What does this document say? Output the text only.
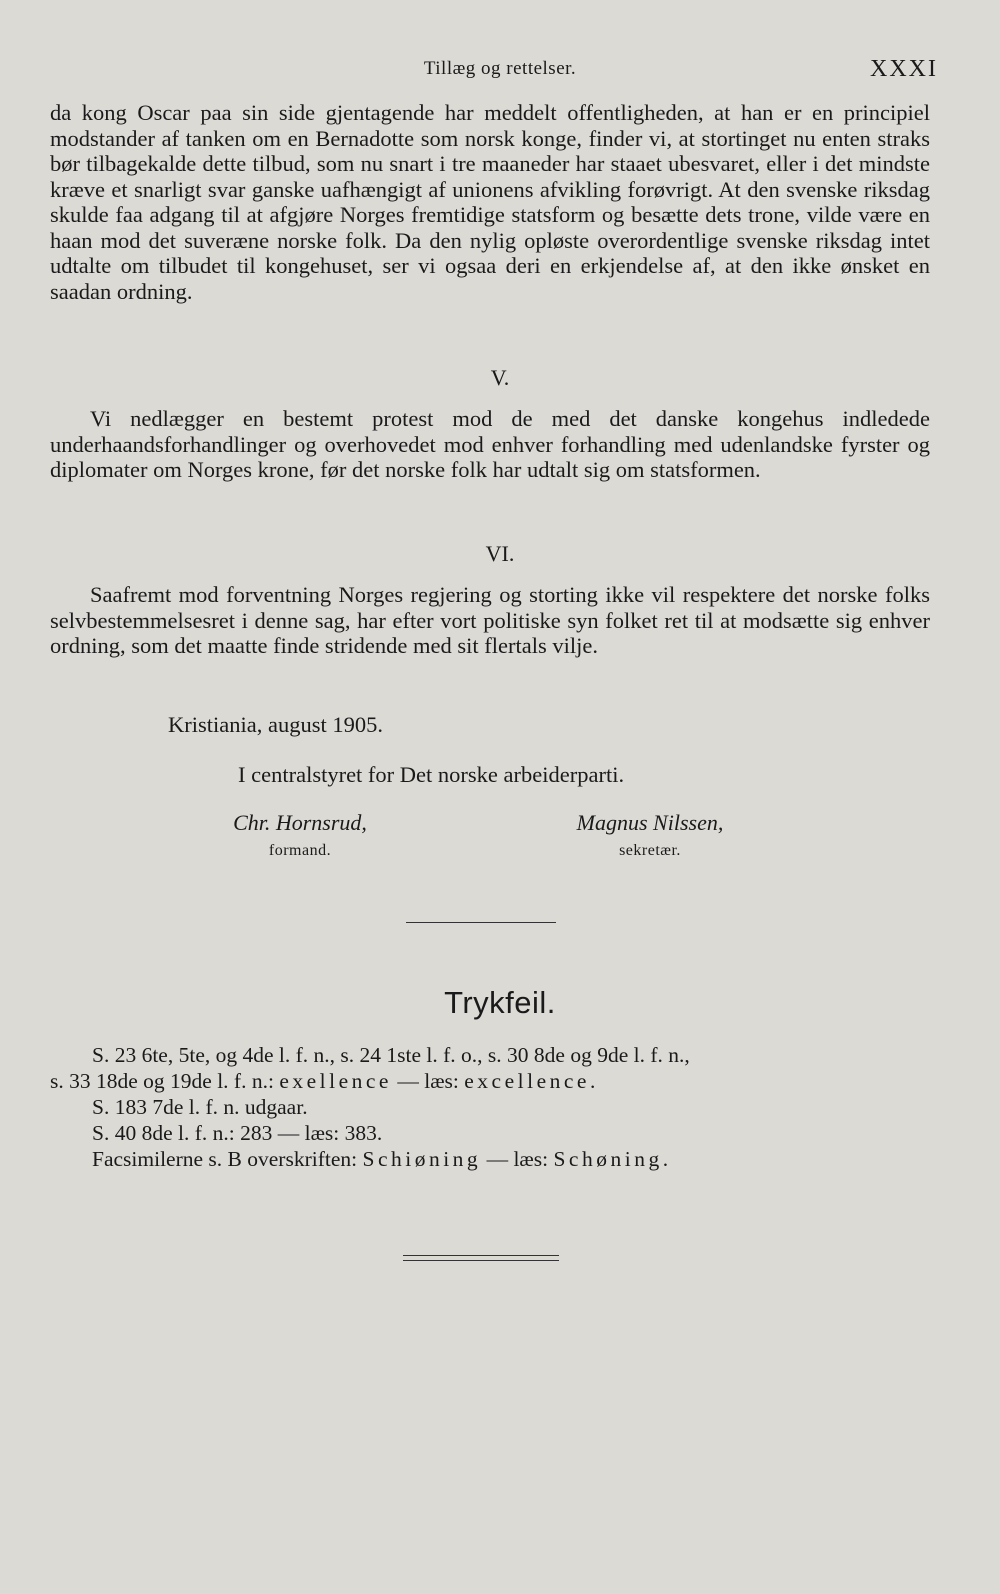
Tillæg og rettelser.	XXXI

da kong Oscar paa sin side gjentagende har meddelt offentligheden, at han er en principiel modstander af tanken om en Bernadotte som norsk konge, finder vi, at stortinget nu enten straks bør tilbagekalde dette tilbud, som nu snart i tre maaneder har staaet ubesvaret, eller i det mindste kræve et snarligt svar ganske uafhængigt af unionens afvikling forøvrigt. At den svenske riksdag skulde faa adgang til at afgjøre Norges fremtidige statsform og besætte dets trone, vilde være en haan mod det suveræne norske folk. Da den nylig opløste overordentlige svenske riksdag intet udtalte om tilbudet til kongehuset, ser vi ogsaa deri en erkjendelse af, at den ikke ønsket en saadan ordning.

V.

Vi nedlægger en bestemt protest mod de med det danske kongehus indledede underhaandsforhandlinger og overhovedet mod enhver forhandling med udenlandske fyrster og diplomater om Norges krone, før det norske folk har udtalt sig om statsformen.

VI.

Saafremt mod forventning Norges regjering og storting ikke vil respektere det norske folks selvbestemmelsesret i denne sag, har efter vort politiske syn folket ret til at modsætte sig enhver ordning, som det maatte finde stridende med sit flertals vilje.

Kristiania, august 1905.
I centralstyret for Det norske arbeiderparti.
Chr. Hornsrud,
formand.
Magnus Nilssen,
sekretær.
Trykfeil.
S. 23 6te, 5te, og 4de l. f. n., s. 24 1ste l. f. o., s. 30 8de og 9de l. f. n.,
s. 33 18de og 19de l. f. n.: exellence — læs: excellence.
S. 183 7de l. f. n. udgaar.
S. 40 8de l. f. n.: 283 — læs: 383.
Facsimilerne s. B overskriften: Schiøning — læs: Schøning.
